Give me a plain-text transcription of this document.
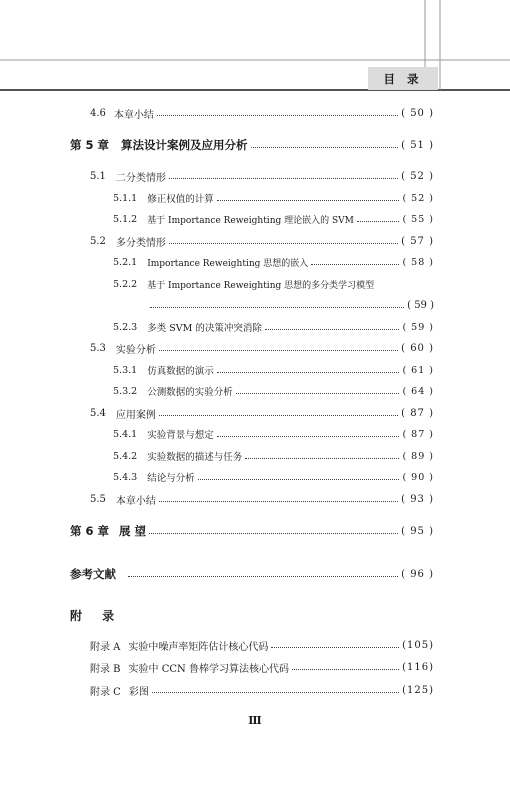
目 录
4.6 本章小结	( 50 )
第 5 章 算法设计案例及应用分析	( 51 )
5.1 二分类情形	( 52 )
5.1.1 修正权值的计算	( 52 )
5.1.2 基于 Importance Reweighting 理论嵌入的 SVM	( 55 )
5.2 多分类情形	( 57 )
5.2.1 Importance Reweighting 思想的嵌入	( 58 )
5.2.2 基于 Importance Reweighting 思想的多分类学习模型
( 59 )
5.2.3 多类 SVM 的决策冲突消除	( 59 )
5.3 实验分析	( 60 )
5.3.1 仿真数据的演示	( 61 )
5.3.2 公测数据的实验分析	( 64 )
5.4 应用案例	( 87 )
5.4.1 实验背景与想定	( 87 )
5.4.2 实验数据的描述与任务	( 89 )
5.4.3 结论与分析	( 90 )
5.5 本章小结	( 93 )
第 6 章 展 望	( 95 )
参考文献	( 96 )
附 录
附录 A 实验中噪声率矩阵估计核心代码	(105)
附录 B 实验中 CCN 鲁棒学习算法核心代码	(116)
附录 C 彩图	(125)
Ⅲ
